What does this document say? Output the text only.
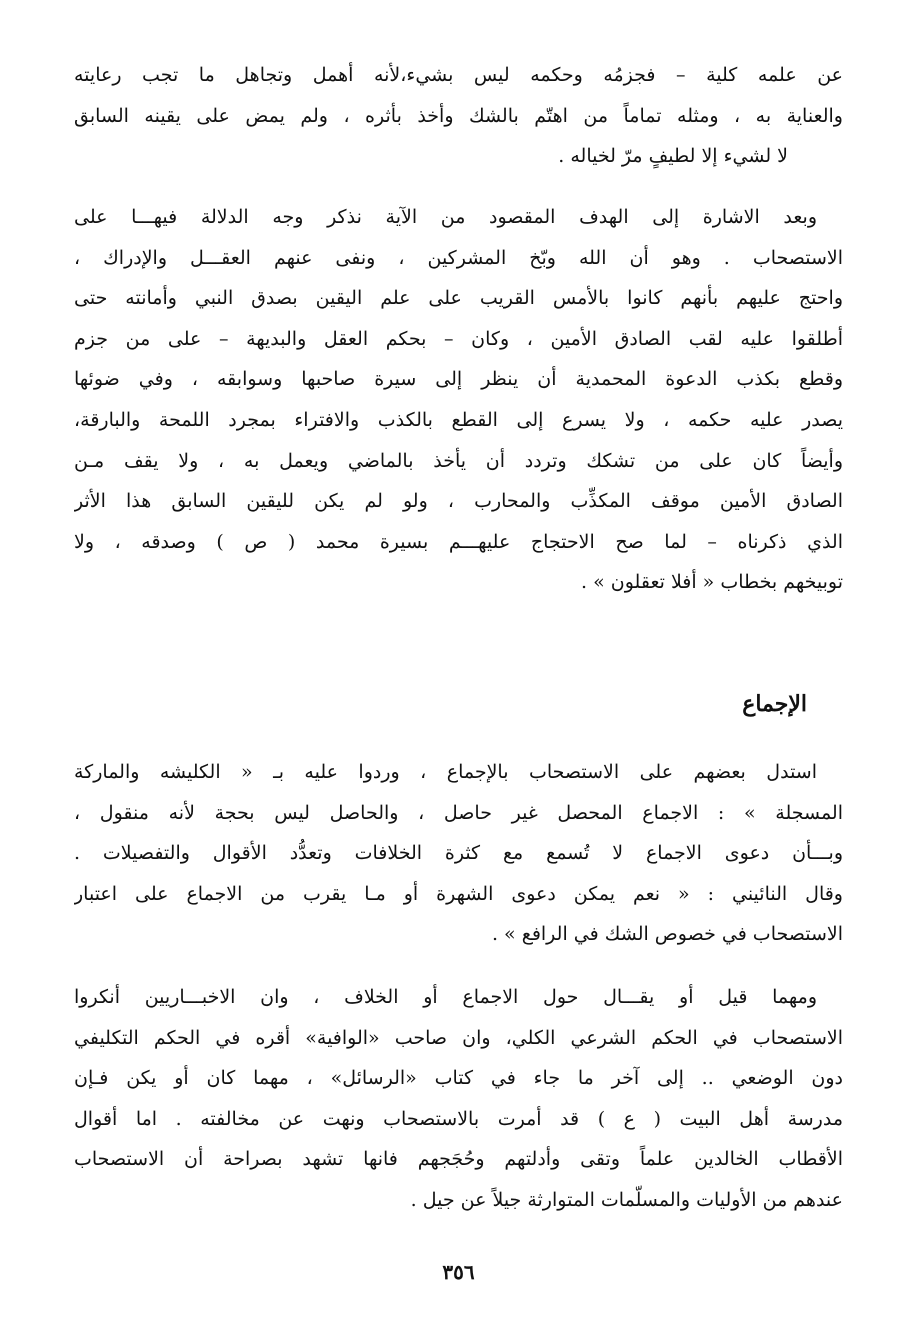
عن علمه كلية – فجزمُه وحكمه ليس بشيء،لأنه أهمل وتجاهل ما تجب رعايته
والعناية به ، ومثله تماماً من اهتّم بالشك وأخذ بأثره ، ولم يمض على يقينه السابق
لا لشيء إلا لطيفٍ مرّ لخياله .
وبعد الاشارة إلى الهدف المقصود من الآية نذكر وجه الدلالة فيهـــا على
الاستصحاب . وهو أن الله وبّخ المشركين ، ونفى عنهم العقـــل والإدراك ،
واحتج عليهم بأنهم كانوا بالأمس القريب على علم اليقين بصدق النبي وأمانته حتى
أطلقوا عليه لقب الصادق الأمين ، وكان – بحكم العقل والبديهة – على من جزم
وقطع بكذب الدعوة المحمدية أن ينظر إلى سيرة صاحبها وسوابقه ، وفي ضوئها
يصدر عليه حكمه ، ولا يسرع إلى القطع بالكذب والافتراء بمجرد اللمحة والبارقة،
وأيضاً كان على من تشكك وتردد أن يأخذ بالماضي ويعمل به ، ولا يقف مـن
الصادق الأمين موقف المكذِّب والمحارب ، ولو لم يكن لليقين السابق هذا الأثر
الذي ذكرناه – لما صح الاحتجاج عليهـــم بسيرة محمد ( ص ) وصدقه ، ولا
توبيخهم بخطاب « أفلا تعقلون » .
الإجماع
استدل بعضهم على الاستصحاب بالإجماع ، وردوا عليه بـ « الكليشه والماركة
المسجلة » : الاجماع المحصل غير حاصل ، والحاصل ليس بحجة لأنه منقول ،
وبـــأن دعوى الاجماع لا تُسمع مع كثرة الخلافات وتعدُّد الأقوال والتفصيلات .
وقال النائيني : « نعم يمكن دعوى الشهرة أو مـا يقرب من الاجماع على اعتبار
الاستصحاب في خصوص الشك في الرافع » .
ومهما قيل أو يقـــال حول الاجماع أو الخلاف ، وان الاخبـــاريين أنكروا
الاستصحاب في الحكم الشرعي الكلي، وان صاحب «الوافية» أقره في الحكم التكليفي
دون الوضعي .. إلى آخر ما جاء في كتاب «الرسائل» ، مهما كان أو يكن فـإن
مدرسة أهل البيت ( ع ) قد أمرت بالاستصحاب ونهت عن مخالفته . اما أقوال
الأقطاب الخالدين علماً وتقى وأدلتهم وحُجَجهم فانها تشهد بصراحة أن الاستصحاب
عندهم من الأوليات والمسلّمات المتوارثة جيلاً عن جيل .
٣٥٦
